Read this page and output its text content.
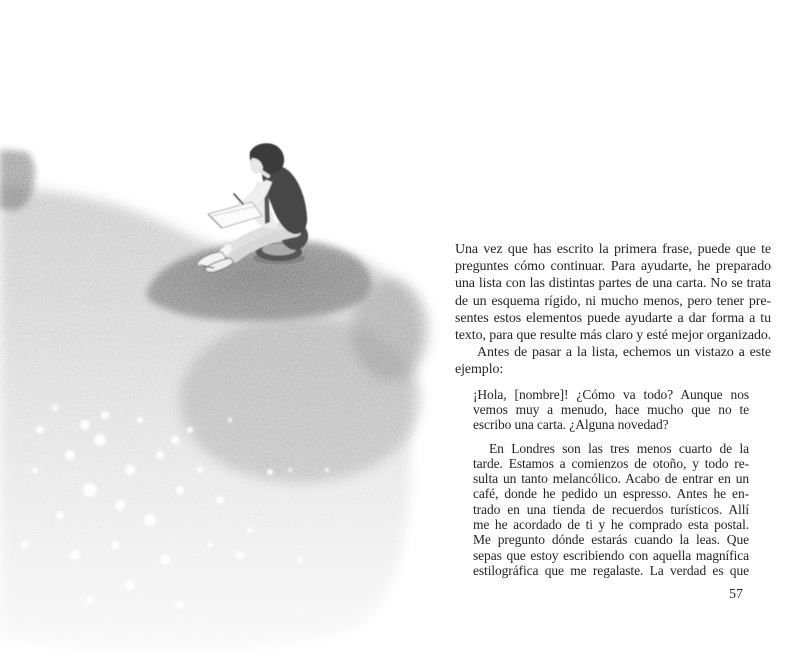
Una vez que has escrito la primera frase, puede que te
preguntes cómo continuar. Para ayudarte, he preparado
una lista con las distintas partes de una carta. No se trata
de un esquema rígido, ni mucho menos, pero tener pre-
sentes estos elementos puede ayudarte a dar forma a tu
texto, para que resulte más claro y esté mejor organizado.
Antes de pasar a la lista, echemos un vistazo a este
ejemplo:
¡Hola, [nombre]! ¿Cómo va todo? Aunque nos
vemos muy a menudo, hace mucho que no te
escribo una carta. ¿Alguna novedad?
En Londres son las tres menos cuarto de la
tarde. Estamos a comienzos de otoño, y todo re-
sulta un tanto melancólico. Acabo de entrar en un
café, donde he pedido un espresso. Antes he en-
trado en una tienda de recuerdos turísticos. Allí
me he acordado de ti y he comprado esta postal.
Me pregunto dónde estarás cuando la leas. Que
sepas que estoy escribiendo con aquella magnífica
estilográfica que me regalaste. La verdad es que
57
